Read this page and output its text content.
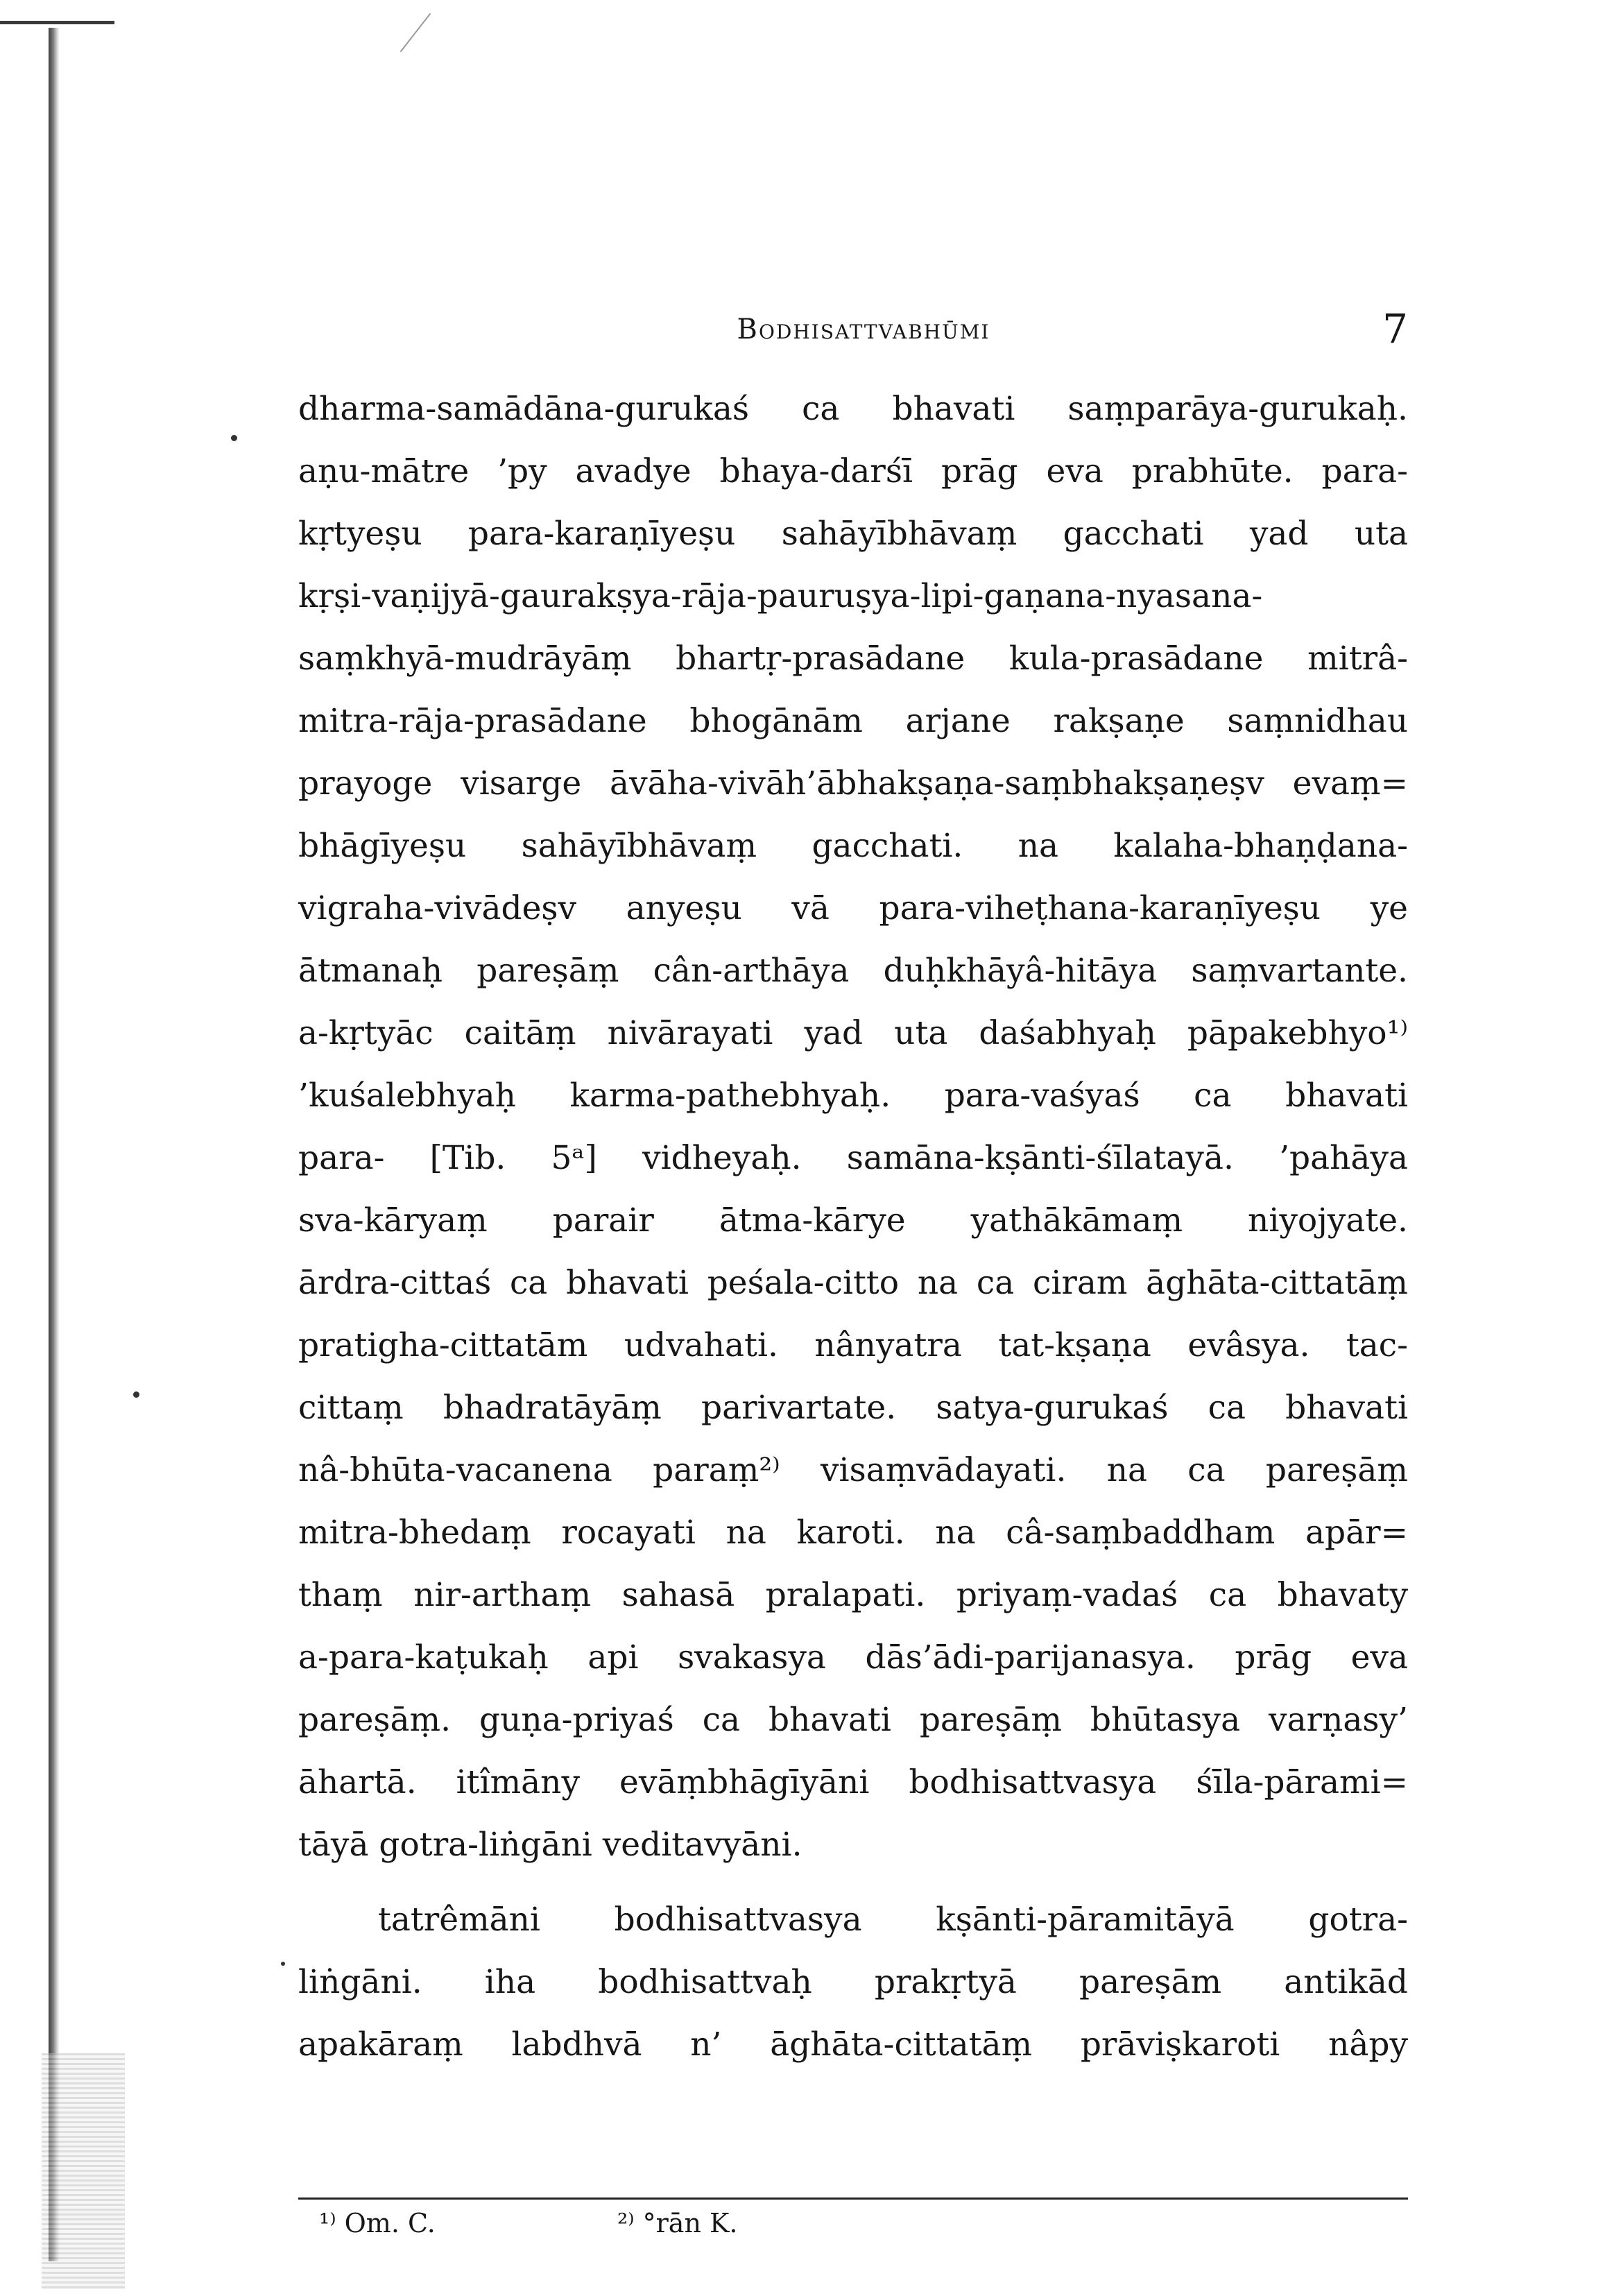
Bodhisattvabhūmi	7
dharma-samādāna-gurukaś ca bhavati saṃparāya-gurukaḥ.
aṇu-mātre ’py avadye bhaya-darśī prāg eva prabhūte. para-
kṛtyeṣu para-karaṇīyeṣu sahāyībhāvaṃ gacchati yad uta
kṛṣi-vaṇijyā-gaurakṣya-rāja-pauruṣya-lipi-gaṇana-nyasana-
saṃkhyā-mudrāyāṃ bhartṛ-prasādane kula-prasādane mitrâ-
mitra-rāja-prasādane bhogānām arjane rakṣaṇe saṃnidhau
prayoge visarge āvāha-vivāh’ābhakṣaṇa-saṃbhakṣaṇeṣv evaṃ=
bhāgīyeṣu sahāyībhāvaṃ gacchati. na kalaha-bhaṇḍana-
vigraha-vivādeṣv anyeṣu vā para-viheṭhana-karaṇīyeṣu ye
ātmanaḥ pareṣāṃ cân-arthāya duḥkhāyâ-hitāya saṃvartante.
a-kṛtyāc caitāṃ nivārayati yad uta daśabhyaḥ pāpakebhyo¹⁾
’kuśalebhyaḥ karma-pathebhyaḥ. para-vaśyaś ca bhavati
para- [Tib. 5ᵃ] vidheyaḥ. samāna-kṣānti-śīlatayā. ’pahāya
sva-kāryaṃ parair ātma-kārye yathākāmaṃ niyojyate.
ārdra-cittaś ca bhavati peśala-citto na ca ciram āghāta-cittatāṃ
pratigha-cittatām udvahati. nânyatra tat-kṣaṇa evâsya. tac-
cittaṃ bhadratāyāṃ parivartate. satya-gurukaś ca bhavati
nâ-bhūta-vacanena paraṃ²⁾ visaṃvādayati. na ca pareṣāṃ
mitra-bhedaṃ rocayati na karoti. na câ-saṃbaddham apār=
thaṃ nir-arthaṃ sahasā pralapati. priyaṃ-vadaś ca bhavaty
a-para-kaṭukaḥ api svakasya dās’ādi-parijanasya. prāg eva
pareṣāṃ. guṇa-priyaś ca bhavati pareṣāṃ bhūtasya varṇasy’
āhartā. itîmāny evāṃbhāgīyāni bodhisattvasya śīla-pārami=
tāyā gotra-liṅgāni veditavyāni.
tatrêmāni bodhisattvasya kṣānti-pāramitāyā gotra-
liṅgāni. iha bodhisattvaḥ prakṛtyā pareṣām antikād
apakāraṃ labdhvā n’ āghāta-cittatāṃ prāviṣkaroti nâpy
¹⁾ Om. C.	²⁾ °rān K.
